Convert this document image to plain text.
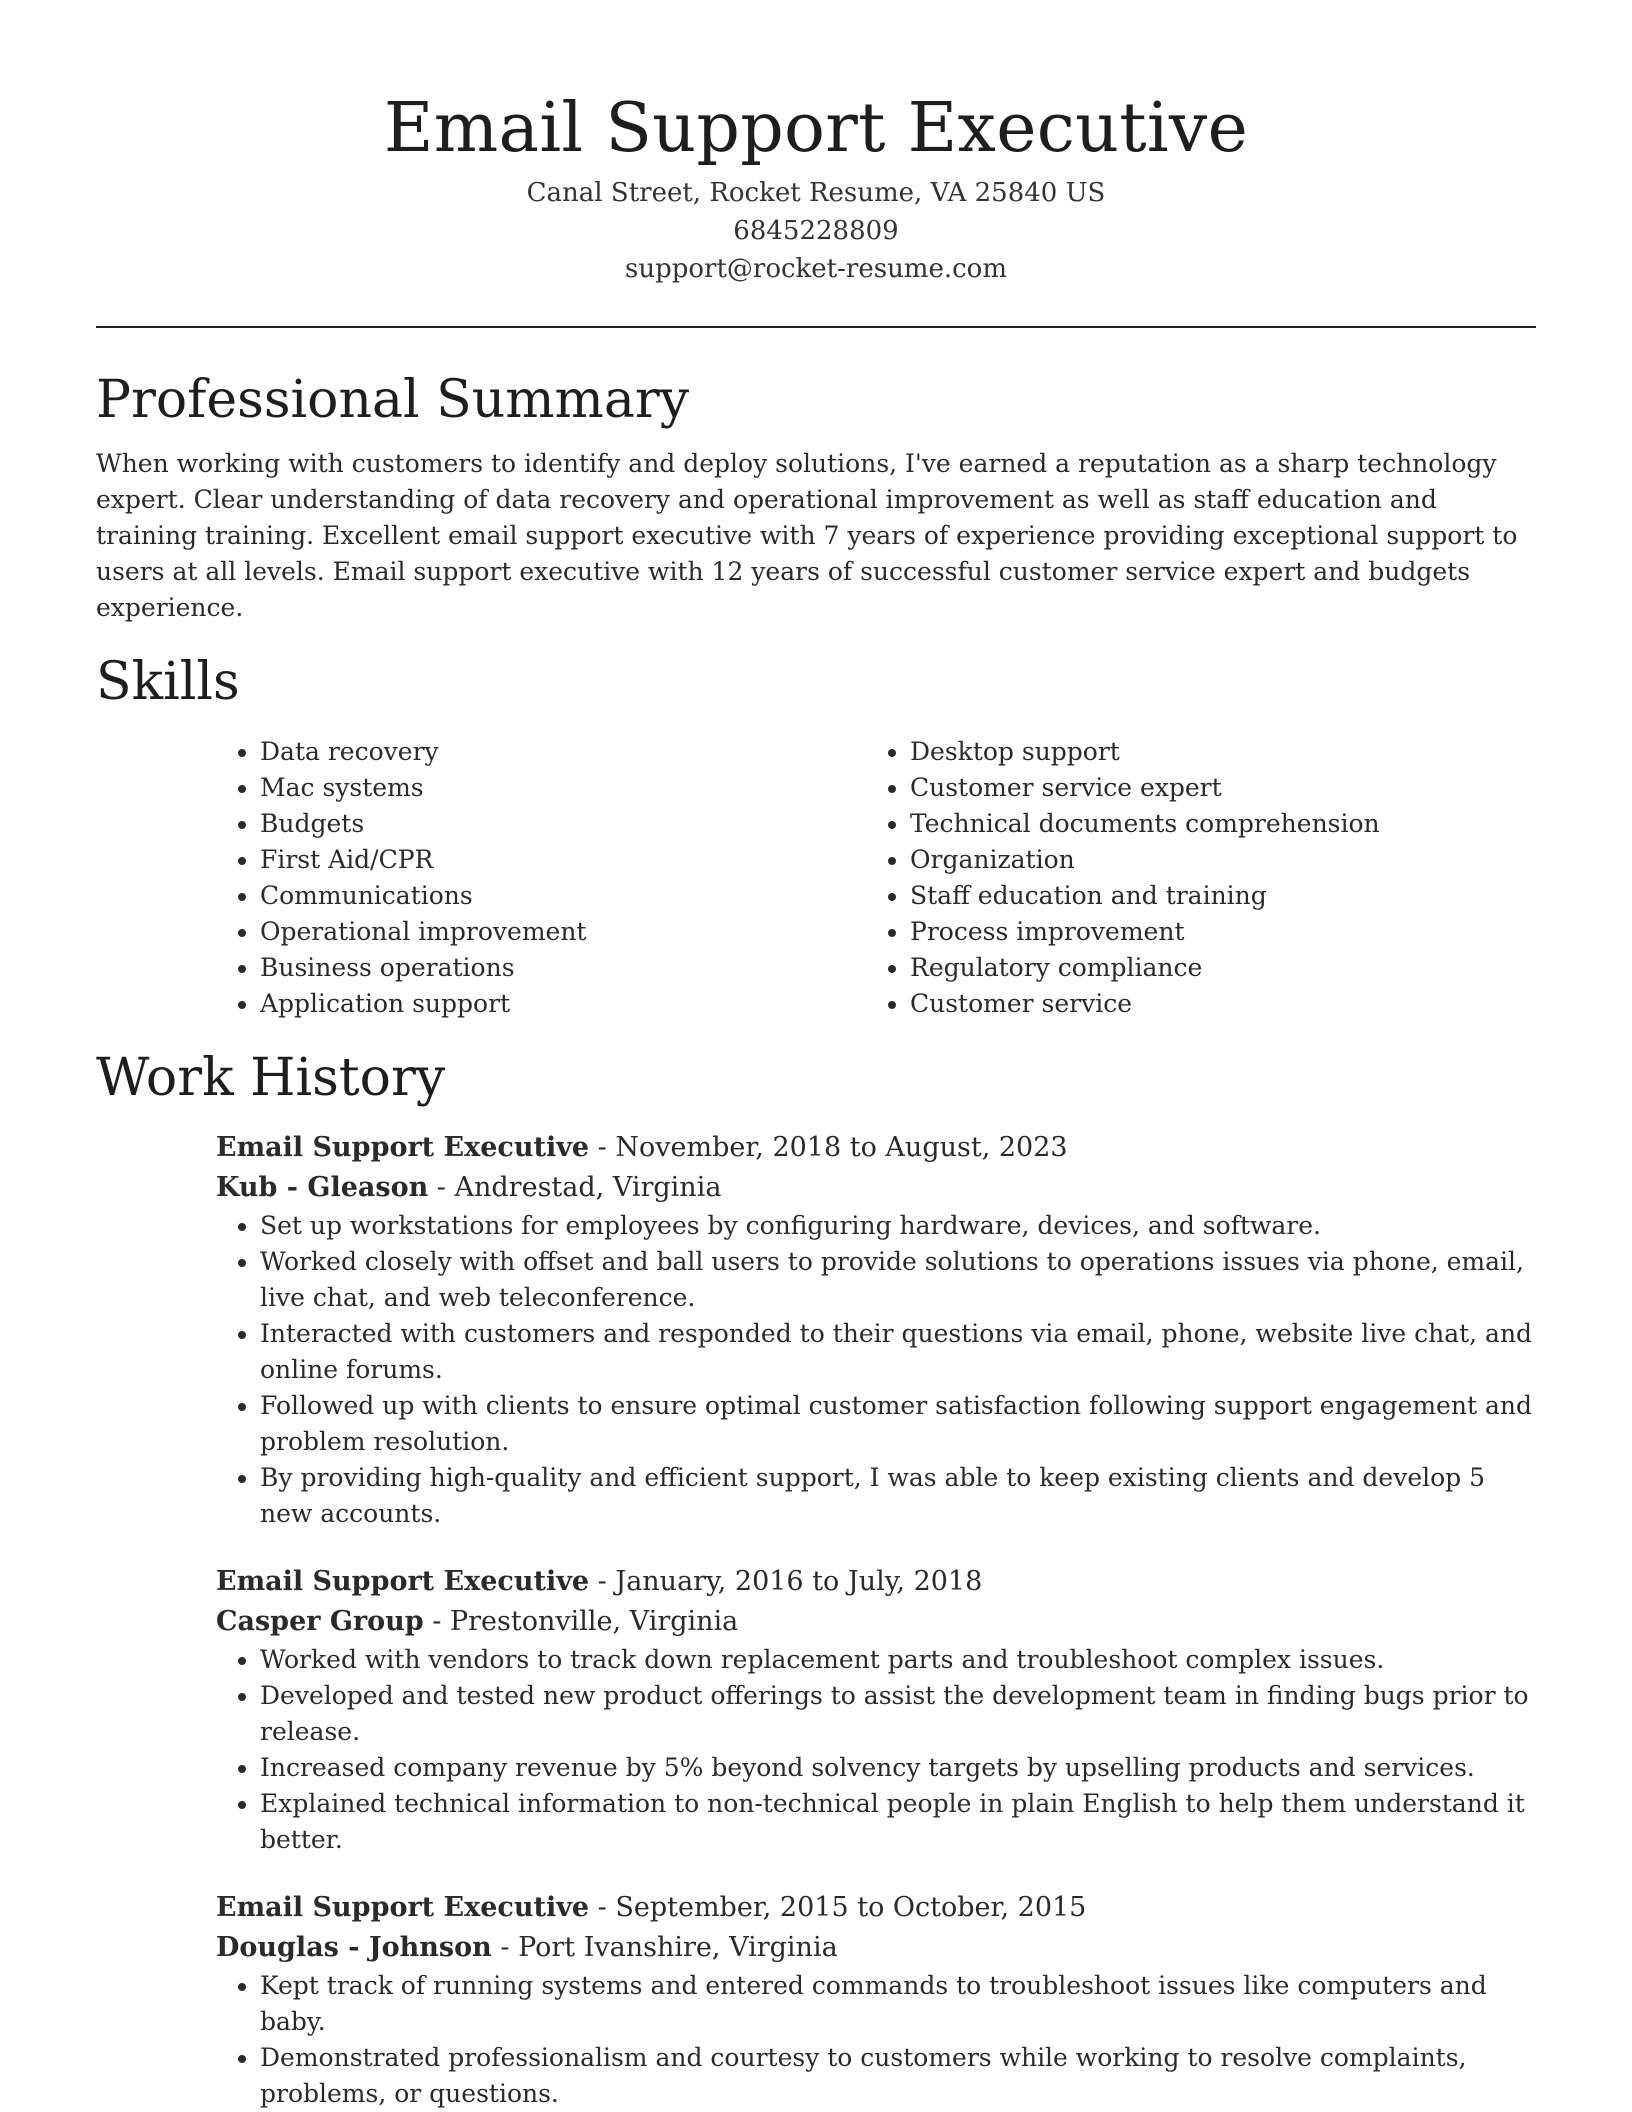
Email Support Executive
Canal Street, Rocket Resume, VA 25840 US
6845228809
support@rocket-resume.com
Professional Summary

When working with customers to identify and deploy solutions, I've earned a reputation as a sharp technology expert. Clear understanding of data recovery and operational improvement as well as staff education and training training. Excellent email support executive with 7 years of experience providing exceptional support to users at all levels. Email support executive with 12 years of successful customer service expert and budgets experience.

Skills
• Data recovery
• Mac systems
• Budgets
• First Aid/CPR
• Communications
• Operational improvement
• Business operations
• Application support
• Desktop support
• Customer service expert
• Technical documents comprehension
• Organization
• Staff education and training
• Process improvement
• Regulatory compliance
• Customer service
Work History
Email Support Executive - November, 2018 to August, 2023
Kub - Gleason - Andrestad, Virginia
• Set up workstations for employees by configuring hardware, devices, and software.
• Worked closely with offset and ball users to provide solutions to operations issues via phone, email, live chat, and web teleconference.
• Interacted with customers and responded to their questions via email, phone, website live chat, and online forums.
• Followed up with clients to ensure optimal customer satisfaction following support engagement and problem resolution.
• By providing high-quality and efficient support, I was able to keep existing clients and develop 5 new accounts.
Email Support Executive - January, 2016 to July, 2018
Casper Group - Prestonville, Virginia
• Worked with vendors to track down replacement parts and troubleshoot complex issues.
• Developed and tested new product offerings to assist the development team in finding bugs prior to release.
• Increased company revenue by 5% beyond solvency targets by upselling products and services.
• Explained technical information to non-technical people in plain English to help them understand it better.
Email Support Executive - September, 2015 to October, 2015
Douglas - Johnson - Port Ivanshire, Virginia
• Kept track of running systems and entered commands to troubleshoot issues like computers and baby.
• Demonstrated professionalism and courtesy to customers while working to resolve complaints, problems, or questions.
